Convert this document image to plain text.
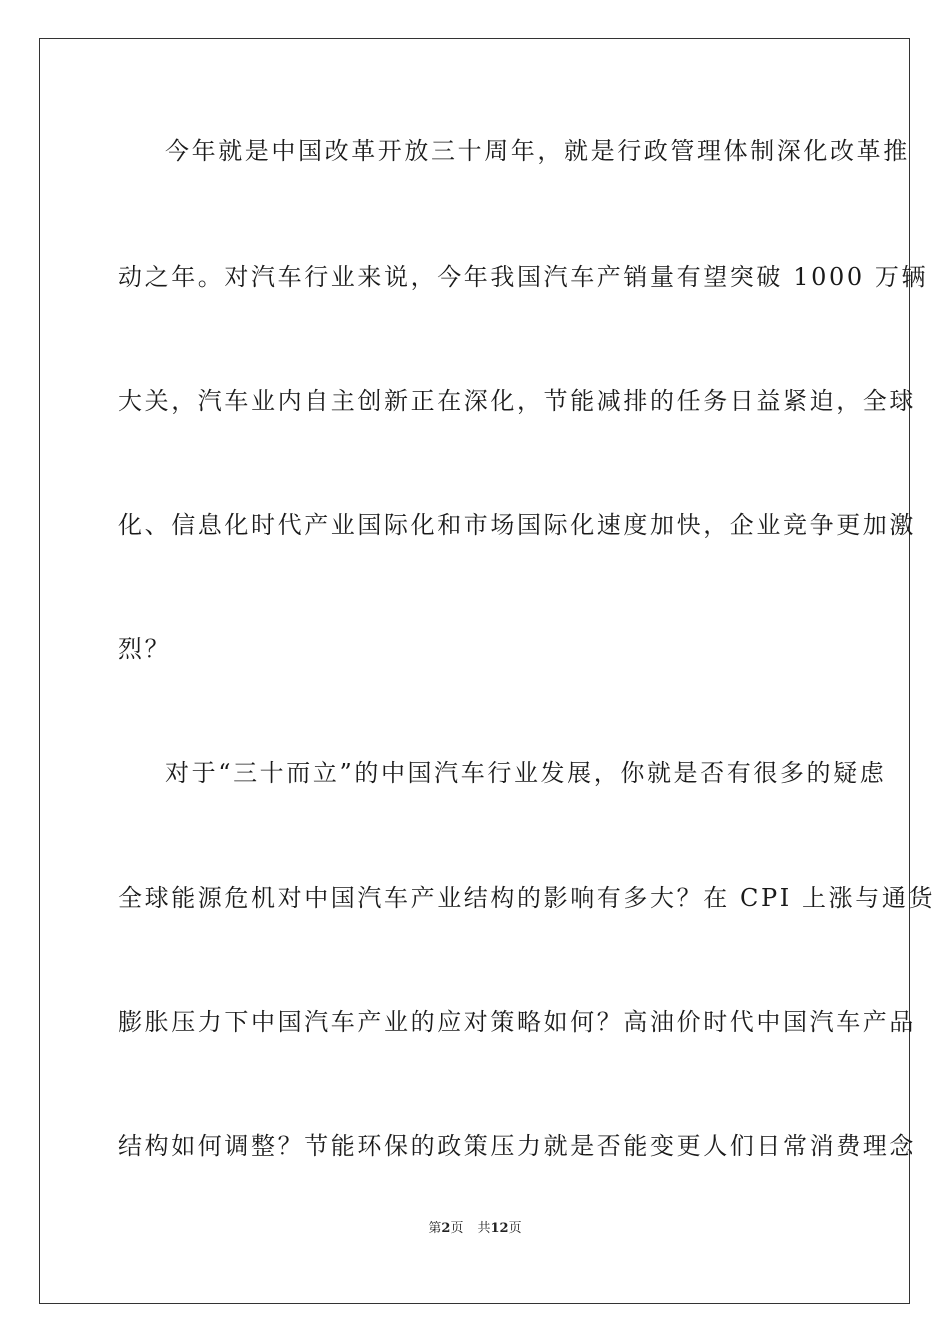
今年就是中国改革开放三十周年，就是行政管理体制深化改革推
动之年。对汽车行业来说，今年我国汽车产销量有望突破 1000 万辆
大关，汽车业内自主创新正在深化，节能减排的任务日益紧迫，全球
化、信息化时代产业国际化和市场国际化速度加快，企业竞争更加激
烈？
对于“三十而立”的中国汽车行业发展，你就是否有很多的疑虑
全球能源危机对中国汽车产业结构的影响有多大？在 CPI 上涨与通货
膨胀压力下中国汽车产业的应对策略如何？高油价时代中国汽车产品
结构如何调整？节能环保的政策压力就是否能变更人们日常消费理念
第2页 共12页
